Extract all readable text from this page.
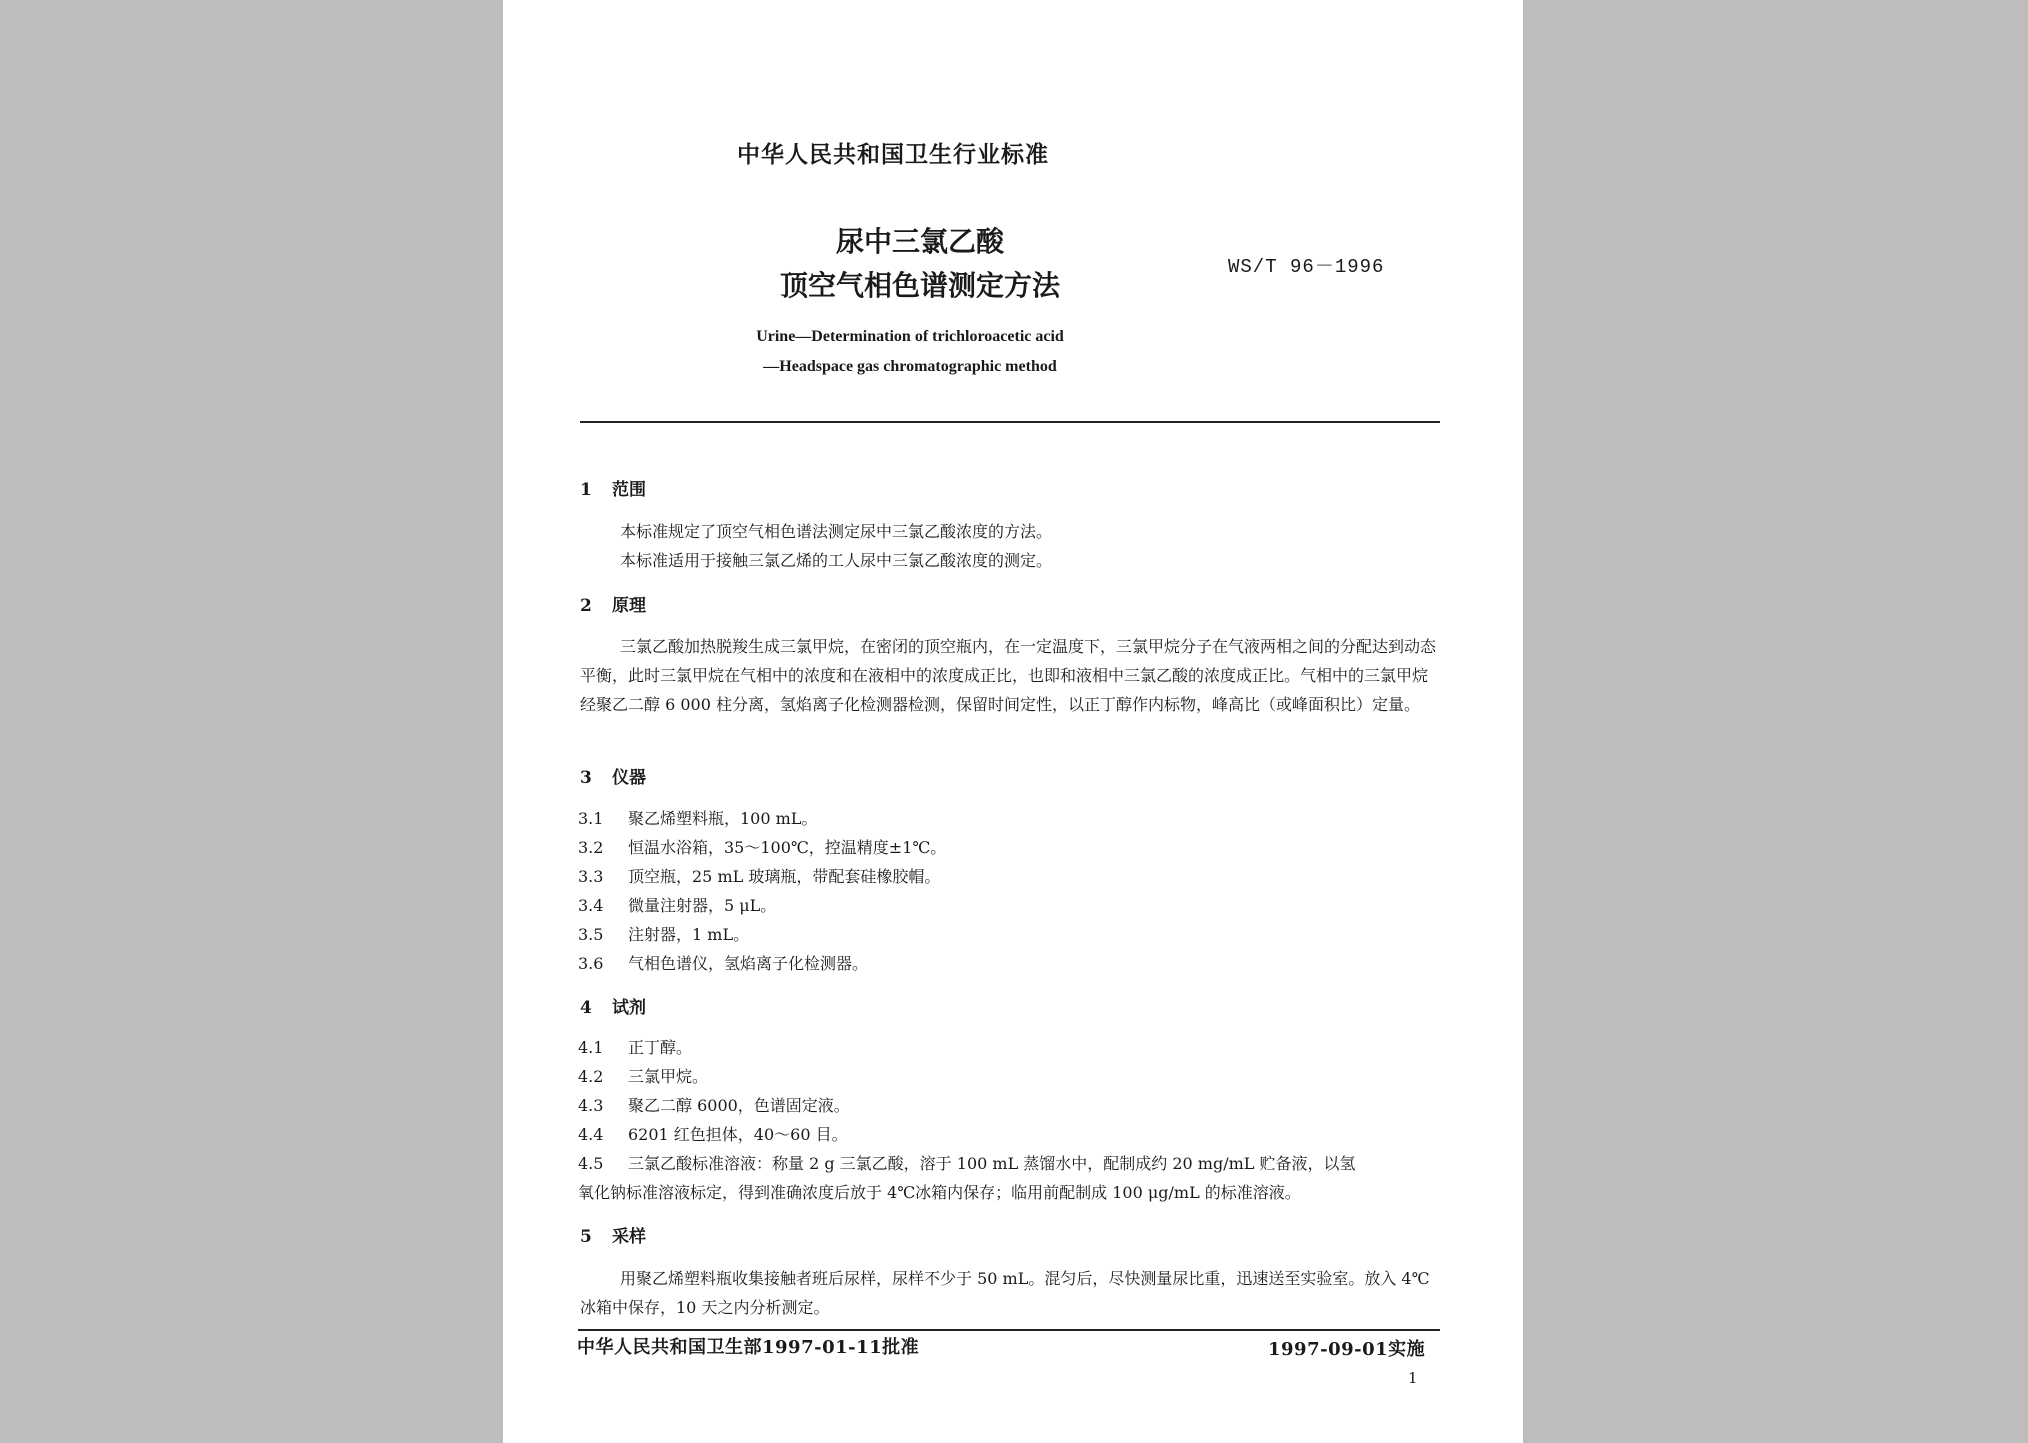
中华人民共和国卫生行业标准
尿中三氯乙酸
顶空气相色谱测定方法
WS/T 96－1996
Urine—Determination of trichloroacetic acid
—Headspace gas chromatographic method
1 范围
本标准规定了顶空气相色谱法测定尿中三氯乙酸浓度的方法。
本标准适用于接触三氯乙烯的工人尿中三氯乙酸浓度的测定。
2 原理
三氯乙酸加热脱羧生成三氯甲烷，在密闭的顶空瓶内，在一定温度下，三氯甲烷分子在气液两相之间的分配达到动态平衡，此时三氯甲烷在气相中的浓度和在液相中的浓度成正比，也即和液相中三氯乙酸的浓度成正比。气相中的三氯甲烷经聚乙二醇 6 000 柱分离，氢焰离子化检测器检测，保留时间定性，以正丁醇作内标物，峰高比（或峰面积比）定量。
3 仪器
3.1 聚乙烯塑料瓶，100 mL。
3.2 恒温水浴箱，35～100℃，控温精度±1℃。
3.3 顶空瓶，25 mL 玻璃瓶，带配套硅橡胶帽。
3.4 微量注射器，5 μL。
3.5 注射器，1 mL。
3.6 气相色谱仪，氢焰离子化检测器。
4 试剂
4.1 正丁醇。
4.2 三氯甲烷。
4.3 聚乙二醇 6000，色谱固定液。
4.4 6201 红色担体，40～60 目。
4.5 三氯乙酸标准溶液：称量 2 g 三氯乙酸，溶于 100 mL 蒸馏水中，配制成约 20 mg/mL 贮备液，以氢
氧化钠标准溶液标定，得到准确浓度后放于 4℃冰箱内保存；临用前配制成 100 μg/mL 的标准溶液。
5 采样
用聚乙烯塑料瓶收集接触者班后尿样，尿样不少于 50 mL。混匀后，尽快测量尿比重，迅速送至实验室。放入 4℃冰箱中保存，10 天之内分析测定。
中华人民共和国卫生部1997-01-11批准	1997-09-01实施
1
